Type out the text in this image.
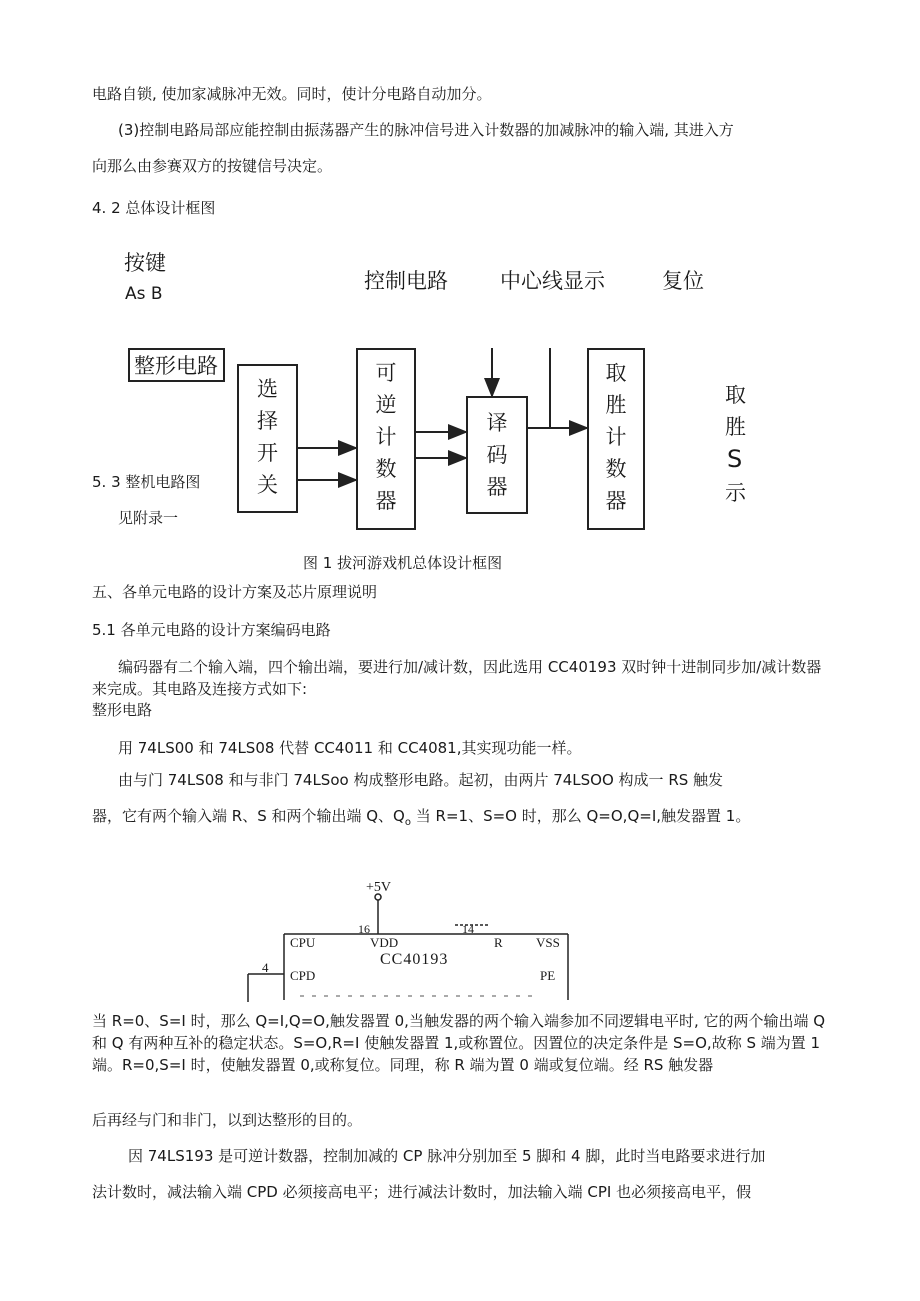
电路自锁, 使加家减脉冲无效。同时，使计分电路自动加分。
(3)控制电路局部应能控制由振荡器产生的脉冲信号进入计数器的加减脉冲的输入端, 其进入方
向那么由参赛双方的按键信号决定。
4. 2 总体设计框图
按键
As B
控制电路 中心线显示	复位
整形电路
选
择
开
关
可
逆
计
数
器
译
码
器
取
胜
计
数
器
取
胜
S
示
5. 3 整机电路图
见附录一
图 1 拔河游戏机总体设计框图
五、各单元电路的设计方案及芯片原理说明
5.1 各单元电路的设计方案编码电路
编码器有二个输入端，四个输出端，要进行加/减计数，因此选用 CC40193 双时钟十进制同步加/减计数器来完成。其电路及连接方式如下:
整形电路
用 74LS00 和 74LS08 代替 CC4011 和 CC4081,其实现功能一样。
由与门 74LS08 和与非门 74LSoo 构成整形电路。起初，由两片 74LSOO 构成一 RS 触发
器，它有两个输入端 R、S 和两个输出端 Q、$Q_o$ 当 R=1、S=O 时，那么 Q=O,Q=I,触发器置 1。
+5V
16	14
CPU	VDD	R	VSS
CC40193
4
CPD	PE
当 R=0、S=I 时，那么 Q=I,Q=O,触发器置 0,当触发器的两个输入端参加不同逻辑电平时, 它的两个输出端 Q 和 Q 有两种互补的稳定状态。S=O,R=I 使触发器置 1,或称置位。因置位的决定条件是 S=O,故称 S 端为置 1 端。R=0,S=I 时，使触发器置 0,或称复位。同理，称 R 端为置 0 端或复位端。经 RS 触发器
后再经与门和非门，以到达整形的目的。
因 74LS193 是可逆计数器，控制加减的 CP 脉冲分别加至 5 脚和 4 脚，此时当电路要求进行加
法计数时，减法输入端 CPD 必须接高电平；进行减法计数时，加法输入端 CPI 也必须接高电平，假
